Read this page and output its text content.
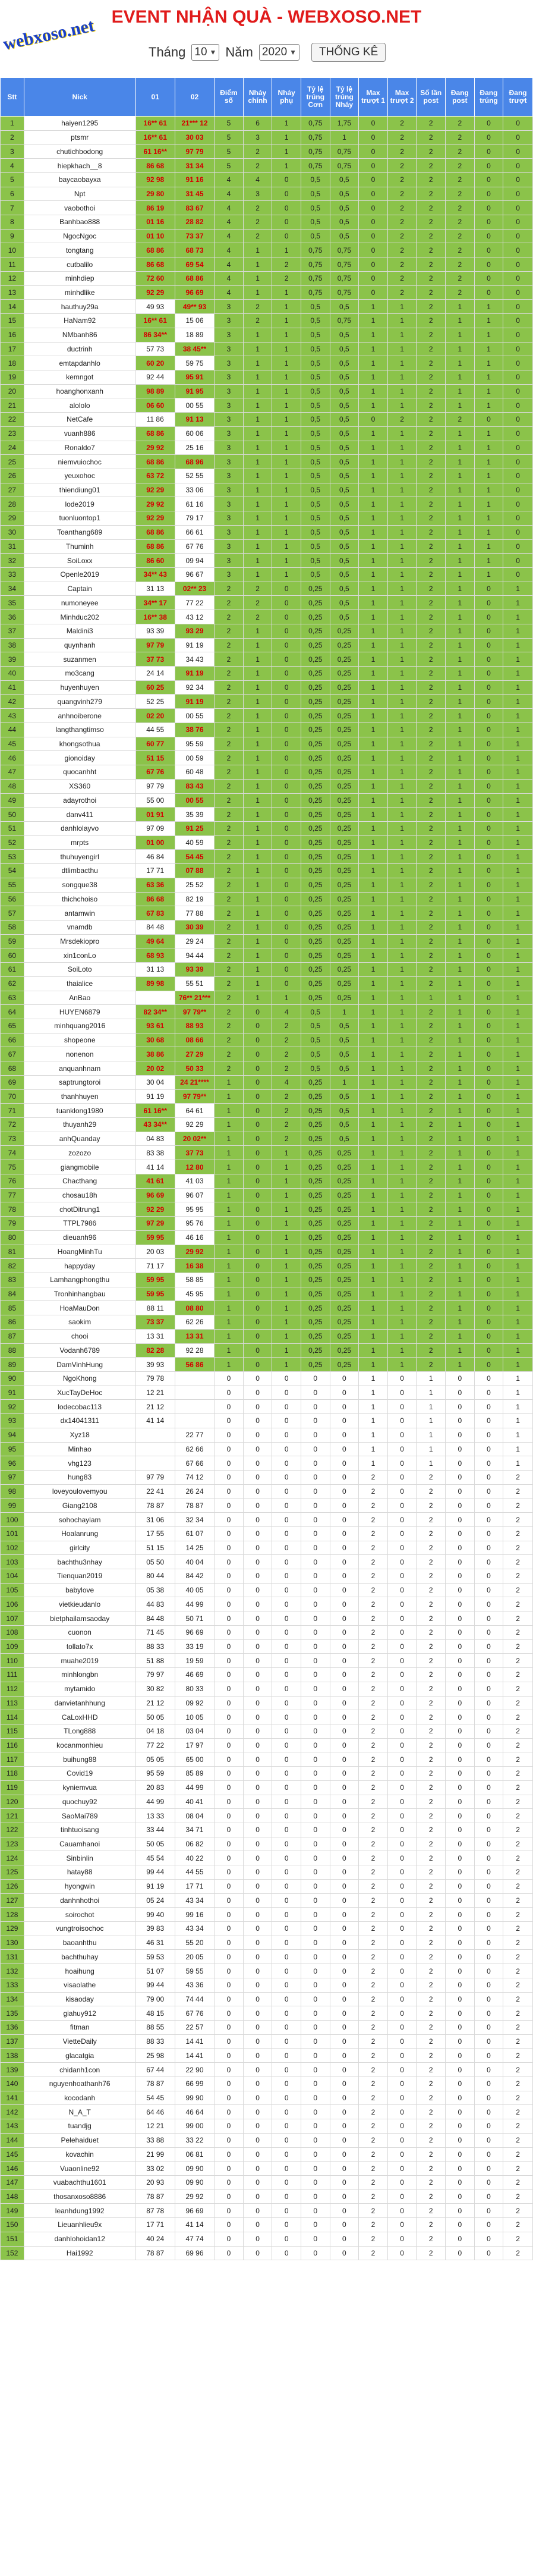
webxoso.net EVENT NHẬN QUÀ - WEBXOSO.NET
Tháng 10 ▼ Năm 2020 ▼	THỐNG KÊ
Stt	Nick	01	02	Điểm số	Nháy chính	Nháy phụ	Tỷ lệ trúng Cơn	Tỷ lệ trúng Nháy	Max trượt 1	Max trượt 2	Số lần post	Đang post	Đang trúng	Đang trượt
1	haiyen1295	16** 61	21*** 12	5	6	1	0,75	1,75	0	2	2	2	0	0
2	ptsmr	16** 61	30 03	5	3	1	0,75	1	0	2	2	2	0	0
3	chutichbodong	61 16**	97 79	5	2	1	0,75	0,75	0	2	2	2	0	0
4	hiepkhach__8	86 68	31 34	5	2	1	0,75	0,75	0	2	2	2	0	0
5	baycaobayxa	92 98	91 16	4	4	0	0,5	0,5	0	2	2	2	0	0
6	Npt	29 80	31 45	4	3	0	0,5	0,5	0	2	2	2	0	0
7	vaobothoi	86 19	83 67	4	2	0	0,5	0,5	0	2	2	2	0	0
8	Banhbao888	01 16	28 82	4	2	0	0,5	0,5	0	2	2	2	0	0
9	NgocNgoc	01 10	73 37	4	2	0	0,5	0,5	0	2	2	2	0	0
10	tongtang	68 86	68 73	4	1	1	0,75	0,75	0	2	2	2	0	0
11	cutbalilo	86 68	69 54	4	1	2	0,75	0,75	0	2	2	2	0	0
12	minhdiep	72 60	68 86	4	1	2	0,75	0,75	0	2	2	2	0	0
13	minhdlike	92 29	96 69	4	1	1	0,75	0,75	0	2	2	2	0	0
14	hauthuy29a	49 93	49** 93	3	2	1	0,5	0,5	1	1	2	1	1	0
15	HaNam92	16** 61	15 06	3	2	1	0,5	0,75	1	1	2	1	1	0
16	NMbanh86	86 34**	18 89	3	1	1	0,5	0,5	1	1	2	1	1	0
17	ductrinh	57 73	38 45**	3	1	1	0,5	0,5	1	1	2	1	1	0
18	emtapdanhlo	60 20	59 75	3	1	1	0,5	0,5	1	1	2	1	1	0
19	kemngot	92 44	95 91	3	1	1	0,5	0,5	1	1	2	1	1	0
20	hoanghonxanh	98 89	91 95	3	1	1	0,5	0,5	1	1	2	1	1	0
21	alololo	06 60	00 55	3	1	1	0,5	0,5	1	1	2	1	1	0
22	NetCafe	11 86	91 13	3	1	1	0,5	0,5	0	2	2	2	0	0
23	vuanh886	68 86	60 06	3	1	1	0,5	0,5	1	1	2	1	1	0
24	Ronaldo7	29 92	25 16	3	1	1	0,5	0,5	1	1	2	1	1	0
25	niemvuiochoc	68 86	68 96	3	1	1	0,5	0,5	1	1	2	1	1	0
26	yeuxohoc	63 72	52 55	3	1	1	0,5	0,5	1	1	2	1	1	0
27	thiendiung01	92 29	33 06	3	1	1	0,5	0,5	1	1	2	1	1	0
28	lode2019	29 92	61 16	3	1	1	0,5	0,5	1	1	2	1	1	0
29	tuonluontop1	92 29	79 17	3	1	1	0,5	0,5	1	1	2	1	1	0
30	Toanthang689	68 86	66 61	3	1	1	0,5	0,5	1	1	2	1	1	0
31	Thuminh	68 86	67 76	3	1	1	0,5	0,5	1	1	2	1	1	0
32	SoiLoxx	86 60	09 94	3	1	1	0,5	0,5	1	1	2	1	1	0
33	Openle2019	34** 43	96 67	3	1	1	0,5	0,5	1	1	2	1	1	0
34	Captain	31 13	02** 23	2	2	0	0,25	0,5	1	1	2	1	0	1
35	numoneyee	34** 17	77 22	2	2	0	0,25	0,5	1	1	2	1	0	1
36	Minhduc202	16** 38	43 12	2	2	0	0,25	0,5	1	1	2	1	0	1
37	Maldini3	93 39	93 29	2	1	0	0,25	0,25	1	1	2	1	0	1
38	quynhanh	97 79	91 19	2	1	0	0,25	0,25	1	1	2	1	0	1
39	suzanmen	37 73	34 43	2	1	0	0,25	0,25	1	1	2	1	0	1
40	mo3cang	24 14	91 19	2	1	0	0,25	0,25	1	1	2	1	0	1
41	huyenhuyen	60 25	92 34	2	1	0	0,25	0,25	1	1	2	1	0	1
42	quangvinh279	52 25	91 19	2	1	0	0,25	0,25	1	1	2	1	0	1
43	anhnoiberone	02 20	00 55	2	1	0	0,25	0,25	1	1	2	1	0	1
44	langthangtimso	44 55	38 76	2	1	0	0,25	0,25	1	1	2	1	0	1
45	khongsothua	60 77	95 59	2	1	0	0,25	0,25	1	1	2	1	0	1
46	gionoiday	51 15	00 59	2	1	0	0,25	0,25	1	1	2	1	0	1
47	quocanhht	67 76	60 48	2	1	0	0,25	0,25	1	1	2	1	0	1
48	XS360	97 79	83 43	2	1	0	0,25	0,25	1	1	2	1	0	1
49	adayrothoi	55 00	00 55	2	1	0	0,25	0,25	1	1	2	1	0	1
50	danv411	01 91	35 39	2	1	0	0,25	0,25	1	1	2	1	0	1
51	danhlolayvo	97 09	91 25	2	1	0	0,25	0,25	1	1	2	1	0	1
52	mrpts	01 00	40 59	2	1	0	0,25	0,25	1	1	2	1	0	1
53	thuhuyengirl	46 84	54 45	2	1	0	0,25	0,25	1	1	2	1	0	1
54	dtlimbacthu	17 71	07 88	2	1	0	0,25	0,25	1	1	2	1	0	1
55	songque38	63 36	25 52	2	1	0	0,25	0,25	1	1	2	1	0	1
56	thichchoiso	86 68	82 19	2	1	0	0,25	0,25	1	1	2	1	0	1
57	antamwin	67 83	77 88	2	1	0	0,25	0,25	1	1	2	1	0	1
58	vnamdb	84 48	30 39	2	1	0	0,25	0,25	1	1	2	1	0	1
59	Mrsdekiopro	49 64	29 24	2	1	0	0,25	0,25	1	1	2	1	0	1
60	xin1conLo	68 93	94 44	2	1	0	0,25	0,25	1	1	2	1	0	1
61	SoiLoto	31 13	93 39	2	1	0	0,25	0,25	1	1	2	1	0	1
62	thaialice	89 98	55 51	2	1	0	0,25	0,25	1	1	2	1	0	1
63	AnBao		76** 21***	2	1	1	0,25	0,25	1	1	1	1	0	1
64	HUYEN6879	82 34**	97 79**	2	0	4	0,5	1	1	1	2	1	0	1
65	minhquang2016	93 61	88 93	2	0	2	0,5	0,5	1	1	2	1	0	1
66	shopeone	30 68	08 66	2	0	2	0,5	0,5	1	1	2	1	0	1
67	nonenon	38 86	27 29	2	0	2	0,5	0,5	1	1	2	1	0	1
68	anquanhnam	20 02	50 33	2	0	2	0,5	0,5	1	1	2	1	0	1
69	saptrungtoroi	30 04	24 21****	1	0	4	0,25	1	1	1	2	1	0	1
70	thanhhuyen	91 19	97 79**	1	0	2	0,25	0,5	1	1	2	1	0	1
71	tuanklong1980	61 16**	64 61	1	0	2	0,25	0,5	1	1	2	1	0	1
72	thuyanh29	43 34**	92 29	1	0	2	0,25	0,5	1	1	2	1	0	1
73	anhQuanday	04 83	20 02**	1	0	2	0,25	0,5	1	1	2	1	0	1
74	zozozo	83 38	37 73	1	0	1	0,25	0,25	1	1	2	1	0	1
75	giangmobile	41 14	12 80	1	0	1	0,25	0,25	1	1	2	1	0	1
76	Chacthang	41 61	41 03	1	0	1	0,25	0,25	1	1	2	1	0	1
77	chosau18h	96 69	96 07	1	0	1	0,25	0,25	1	1	2	1	0	1
78	chotDitrung1	92 29	95 95	1	0	1	0,25	0,25	1	1	2	1	0	1
79	TTPL7986	97 29	95 76	1	0	1	0,25	0,25	1	1	2	1	0	1
80	dieuanh96	59 95	46 16	1	0	1	0,25	0,25	1	1	2	1	0	1
81	HoangMinhTu	20 03	29 92	1	0	1	0,25	0,25	1	1	2	1	0	1
82	happyday	71 17	16 38	1	0	1	0,25	0,25	1	1	2	1	0	1
83	Lamhangphongthu	59 95	58 85	1	0	1	0,25	0,25	1	1	2	1	0	1
84	Tronhinhangbau	59 95	45 95	1	0	1	0,25	0,25	1	1	2	1	0	1
85	HoaMauDon	88 11	08 80	1	0	1	0,25	0,25	1	1	2	1	0	1
86	saokim	73 37	62 26	1	0	1	0,25	0,25	1	1	2	1	0	1
87	chooi	13 31	13 31	1	0	1	0,25	0,25	1	1	2	1	0	1
88	Vodanh6789	82 28	92 28	1	0	1	0,25	0,25	1	1	2	1	0	1
89	DamVinhHung	39 93	56 86	1	0	1	0,25	0,25	1	1	2	1	0	1
90	NgoKhong	79 78		0	0	0	0	0	1	0	1	0	0	1
91	XucTayDeHoc	12 21		0	0	0	0	0	1	0	1	0	0	1
92	lodecobac113	21 12		0	0	0	0	0	1	0	1	0	0	1
93	dx14041311	41 14		0	0	0	0	0	1	0	1	0	0	1
94	Xyz18		22 77	0	0	0	0	0	1	0	1	0	0	1
95	Minhao		62 66	0	0	0	0	0	1	0	1	0	0	1
96	vhg123		67 66	0	0	0	0	0	1	0	1	0	0	1
97	hung83	97 79	74 12	0	0	0	0	0	2	0	2	0	0	2
98	loveyoulovemyou	22 41	26 24	0	0	0	0	0	2	0	2	0	0	2
99	Giang2108	78 87	78 87	0	0	0	0	0	2	0	2	0	0	2
100	sohochaylam	31 06	32 34	0	0	0	0	0	2	0	2	0	0	2
101	Hoalanrung	17 55	61 07	0	0	0	0	0	2	0	2	0	0	2
102	girlcity	51 15	14 25	0	0	0	0	0	2	0	2	0	0	2
103	bachthu3nhay	05 50	40 04	0	0	0	0	0	2	0	2	0	0	2
104	Tienquan2019	80 44	84 42	0	0	0	0	0	2	0	2	0	0	2
105	babylove	05 38	40 05	0	0	0	0	0	2	0	2	0	0	2
106	vietkieudanlo	44 83	44 99	0	0	0	0	0	2	0	2	0	0	2
107	bietphailamsaoday	84 48	50 71	0	0	0	0	0	2	0	2	0	0	2
108	cuonon	71 45	96 69	0	0	0	0	0	2	0	2	0	0	2
109	tollato7x	88 33	33 19	0	0	0	0	0	2	0	2	0	0	2
110	muahe2019	51 88	19 59	0	0	0	0	0	2	0	2	0	0	2
111	minhlongbn	79 97	46 69	0	0	0	0	0	2	0	2	0	0	2
112	mytamido	30 82	80 33	0	0	0	0	0	2	0	2	0	0	2
113	danvietanhhung	21 12	09 92	0	0	0	0	0	2	0	2	0	0	2
114	CaLoxHHD	50 05	10 05	0	0	0	0	0	2	0	2	0	0	2
115	TLong888	04 18	03 04	0	0	0	0	0	2	0	2	0	0	2
116	kocanmonhieu	77 22	17 97	0	0	0	0	0	2	0	2	0	0	2
117	buihung88	05 05	65 00	0	0	0	0	0	2	0	2	0	0	2
118	Covid19	95 59	85 89	0	0	0	0	0	2	0	2	0	0	2
119	kyniemvua	20 83	44 99	0	0	0	0	0	2	0	2	0	0	2
120	quochuy92	44 99	40 41	0	0	0	0	0	2	0	2	0	0	2
121	SaoMai789	13 33	08 04	0	0	0	0	0	2	0	2	0	0	2
122	tinhtuoisang	33 44	34 71	0	0	0	0	0	2	0	2	0	0	2
123	Cauamhanoi	50 05	06 82	0	0	0	0	0	2	0	2	0	0	2
124	Sinbinlin	45 54	40 22	0	0	0	0	0	2	0	2	0	0	2
125	hatay88	99 44	44 55	0	0	0	0	0	2	0	2	0	0	2
126	hyongwin	91 19	17 71	0	0	0	0	0	2	0	2	0	0	2
127	danhnhothoi	05 24	43 34	0	0	0	0	0	2	0	2	0	0	2
128	soirochot	99 40	99 16	0	0	0	0	0	2	0	2	0	0	2
129	vungtroisochoc	39 83	43 34	0	0	0	0	0	2	0	2	0	0	2
130	baoanhthu	46 31	55 20	0	0	0	0	0	2	0	2	0	0	2
131	bachthuhay	59 53	20 05	0	0	0	0	0	2	0	2	0	0	2
132	hoaihung	51 07	59 55	0	0	0	0	0	2	0	2	0	0	2
133	visaolathe	99 44	43 36	0	0	0	0	0	2	0	2	0	0	2
134	kisaoday	79 00	74 44	0	0	0	0	0	2	0	2	0	0	2
135	giahuy912	48 15	67 76	0	0	0	0	0	2	0	2	0	0	2
136	fitman	88 55	22 57	0	0	0	0	0	2	0	2	0	0	2
137	VietteDaily	88 33	14 41	0	0	0	0	0	2	0	2	0	0	2
138	glacatgia	25 98	14 41	0	0	0	0	0	2	0	2	0	0	2
139	chidanh1con	67 44	22 90	0	0	0	0	0	2	0	2	0	0	2
140	nguyenhoathanh76	78 87	66 99	0	0	0	0	0	2	0	2	0	0	2
141	kocodanh	54 45	99 90	0	0	0	0	0	2	0	2	0	0	2
142	N_A_T	64 46	46 64	0	0	0	0	0	2	0	2	0	0	2
143	tuandjg	12 21	99 00	0	0	0	0	0	2	0	2	0	0	2
144	Pelehaiduet	33 88	33 22	0	0	0	0	0	2	0	2	0	0	2
145	kovachin	21 99	06 81	0	0	0	0	0	2	0	2	0	0	2
146	Vuaonline92	33 02	09 90	0	0	0	0	0	2	0	2	0	0	2
147	vuabachthu1601	20 93	09 90	0	0	0	0	0	2	0	2	0	0	2
148	thosanxoso8886	78 87	29 92	0	0	0	0	0	2	0	2	0	0	2
149	leanhdung1992	87 78	96 69	0	0	0	0	0	2	0	2	0	0	2
150	Lieuanhlieu9x	17 71	41 14	0	0	0	0	0	2	0	2	0	0	2
151	danhlohoidan12	40 24	47 74	0	0	0	0	0	2	0	2	0	0	2
152	Hai1992	78 87	69 96	0	0	0	0	0	2	0	2	0	0	2
